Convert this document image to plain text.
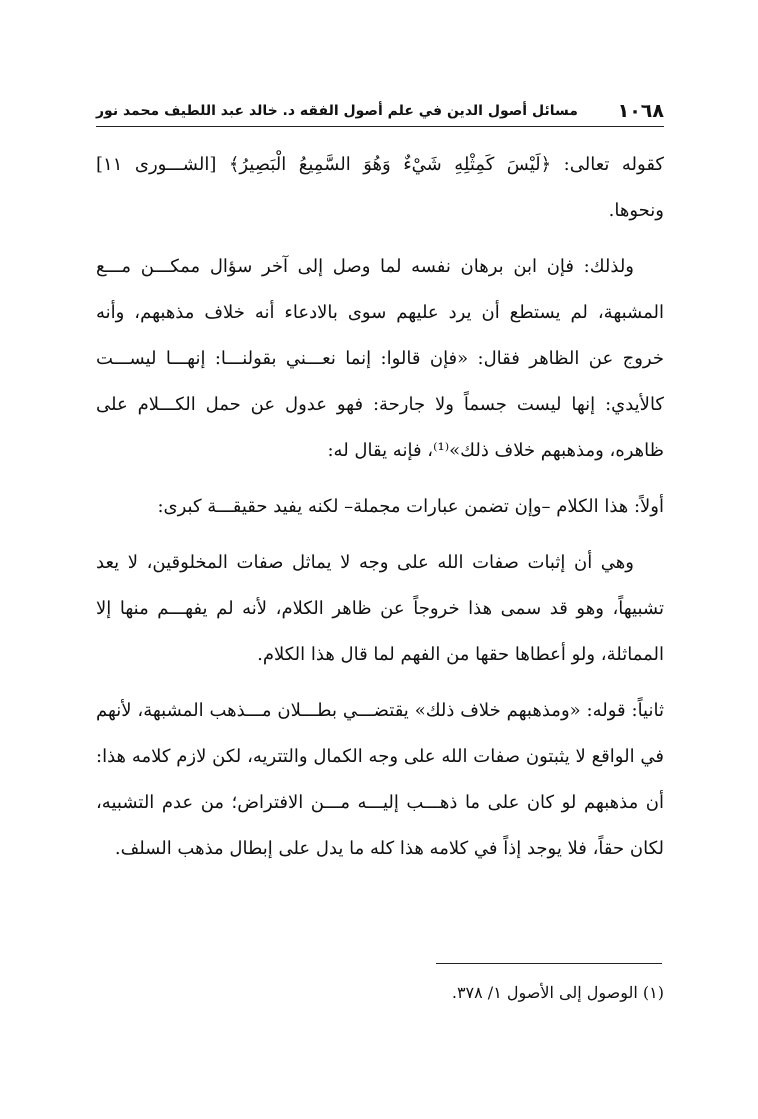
١٠٦٨
مسائل أصول الدين في علم أصول الفقه د. خالد عبد اللطيف محمد نور

كقوله تعالى: ﴿لَيْسَ كَمِثْلِهِ شَيْءٌ وَهُوَ السَّمِيعُ الْبَصِيرُ﴾ [الشـــورى ١١] ونحوها.

ولذلك: فإن ابن برهان نفسه لما وصل إلى آخر سؤال ممكـــن مـــع المشبهة، لم يستطع أن يرد عليهم سوى بالادعاء أنه خلاف مذهبهم، وأنه خروج عن الظاهر فقال: «فإن قالوا: إنما نعـــني بقولنـــا: إنهـــا ليســـت كالأيدي: إنها ليست جسماً ولا جارحة: فهو عدول عن حمل الكـــلام على ظاهره، ومذهبهم خلاف ذلك»⁽¹⁾، فإنه يقال له:

أولاً: هذا الكلام –وإن تضمن عبارات مجملة– لكنه يفيد حقيقـــة كبرى:

وهي أن إثبات صفات الله على وجه لا يماثل صفات المخلوقين، لا يعد تشبيهاً، وهو قد سمى هذا خروجاً عن ظاهر الكلام، لأنه لم يفهـــم منها إلا المماثلة، ولو أعطاها حقها من الفهم لما قال هذا الكلام.

ثانياً: قوله: «ومذهبهم خلاف ذلك» يقتضـــي بطـــلان مـــذهب المشبهة، لأنهم في الواقع لا يثبتون صفات الله على وجه الكمال والتتريه، لكن لازم كلامه هذا: أن مذهبهم لو كان على ما ذهـــب إليـــه مـــن الافتراض؛ من عدم التشبيه، لكان حقاً، فلا يوجد إذاً في كلامه هذا كله ما يدل على إبطال مذهب السلف.

(١) الوصول إلى الأصول ١/ ٣٧٨.
